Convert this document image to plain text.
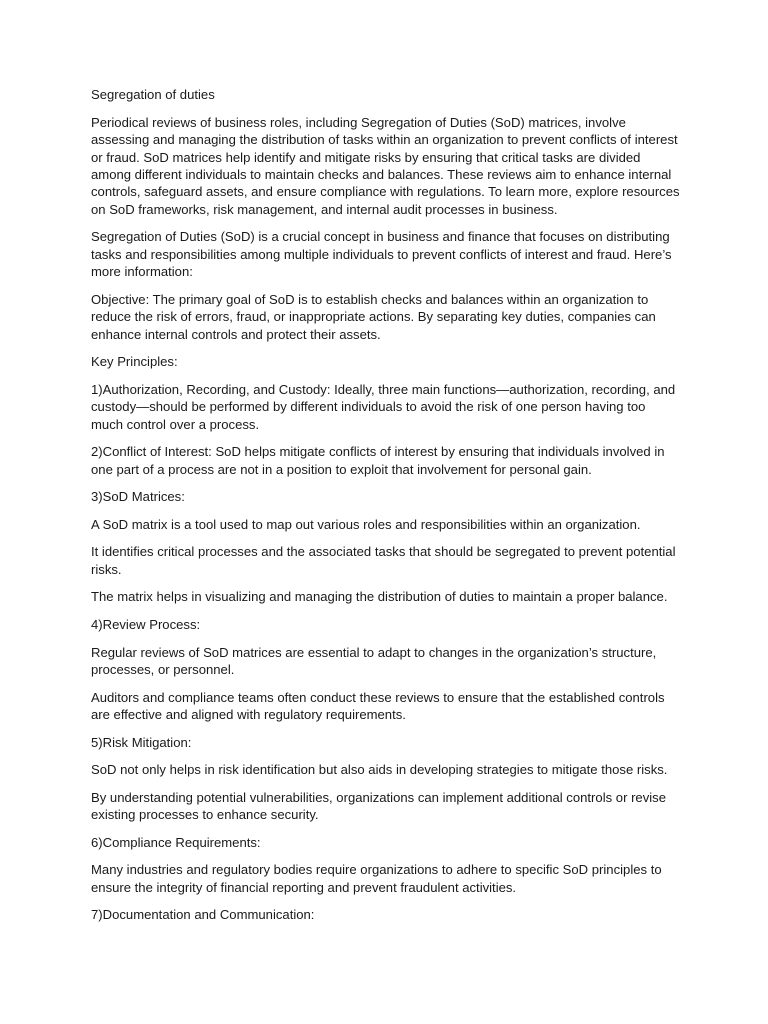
Segregation of duties

Periodical reviews of business roles, including Segregation of Duties (SoD) matrices, involve assessing and managing the distribution of tasks within an organization to prevent conflicts of interest or fraud. SoD matrices help identify and mitigate risks by ensuring that critical tasks are divided among different individuals to maintain checks and balances. These reviews aim to enhance internal controls, safeguard assets, and ensure compliance with regulations. To learn more, explore resources on SoD frameworks, risk management, and internal audit processes in business.

Segregation of Duties (SoD) is a crucial concept in business and finance that focuses on distributing tasks and responsibilities among multiple individuals to prevent conflicts of interest and fraud. Here’s more information:

Objective: The primary goal of SoD is to establish checks and balances within an organization to reduce the risk of errors, fraud, or inappropriate actions. By separating key duties, companies can enhance internal controls and protect their assets.

Key Principles:

1)Authorization, Recording, and Custody: Ideally, three main functions—authorization, recording, and custody—should be performed by different individuals to avoid the risk of one person having too much control over a process.

2)Conflict of Interest: SoD helps mitigate conflicts of interest by ensuring that individuals involved in one part of a process are not in a position to exploit that involvement for personal gain.

3)SoD Matrices:

A SoD matrix is a tool used to map out various roles and responsibilities within an organization.

It identifies critical processes and the associated tasks that should be segregated to prevent potential risks.

The matrix helps in visualizing and managing the distribution of duties to maintain a proper balance.

4)Review Process:

Regular reviews of SoD matrices are essential to adapt to changes in the organization’s structure, processes, or personnel.

Auditors and compliance teams often conduct these reviews to ensure that the established controls are effective and aligned with regulatory requirements.

5)Risk Mitigation:

SoD not only helps in risk identification but also aids in developing strategies to mitigate those risks.

By understanding potential vulnerabilities, organizations can implement additional controls or revise existing processes to enhance security.

6)Compliance Requirements:

Many industries and regulatory bodies require organizations to adhere to specific SoD principles to ensure the integrity of financial reporting and prevent fraudulent activities.

7)Documentation and Communication:
